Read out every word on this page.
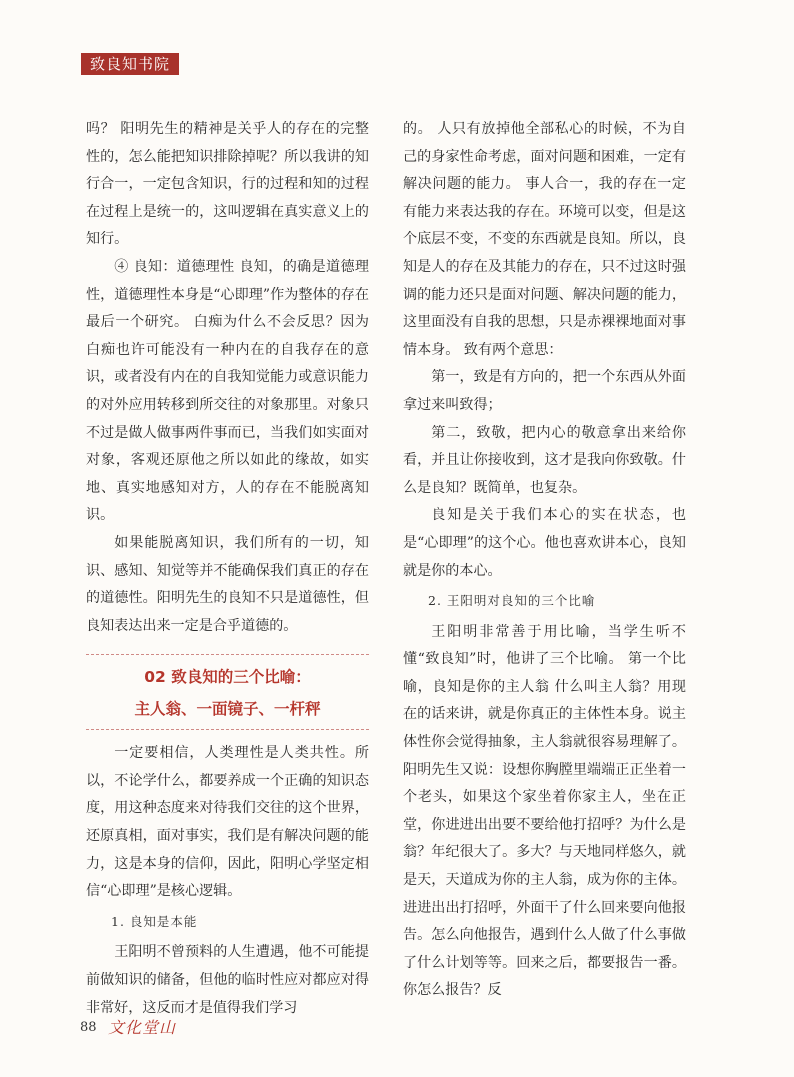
致良知书院

吗？ 阳明先生的精神是关乎人的存在的完整性的，怎么能把知识排除掉呢？所以我讲的知行合一，一定包含知识，行的过程和知的过程在过程上是统一的，这叫逻辑在真实意义上的知行。

④ 良知：道德理性 良知，的确是道德理性，道德理性本身是“心即理”作为整体的存在最后一个研究。 白痴为什么不会反思？因为白痴也许可能没有一种内在的自我存在的意识，或者没有内在的自我知觉能力或意识能力的对外应用转移到所交往的对象那里。对象只不过是做人做事两件事而已，当我们如实面对对象，客观还原他之所以如此的缘故，如实地、真实地感知对方，人的存在不能脱离知识。

如果能脱离知识，我们所有的一切，知识、感知、知觉等并不能确保我们真正的存在的道德性。阳明先生的良知不只是道德性，但良知表达出来一定是合乎道德的。

02 致良知的三个比喻：
主人翁、一面镜子、一杆秤

一定要相信，人类理性是人类共性。所以，不论学什么，都要养成一个正确的知识态度，用这种态度来对待我们交往的这个世界，还原真相，面对事实，我们是有解决问题的能力，这是本身的信仰，因此，阳明心学坚定相信“心即理”是核心逻辑。

1. 良知是本能

王阳明不曾预料的人生遭遇，他不可能提前做知识的储备，但他的临时性应对都应对得非常好，这反而才是值得我们学习

的。 人只有放掉他全部私心的时候，不为自己的身家性命考虑，面对问题和困难，一定有解决问题的能力。 事人合一，我的存在一定有能力来表达我的存在。环境可以变，但是这个底层不变，不变的东西就是良知。所以，良知是人的存在及其能力的存在，只不过这时强调的能力还只是面对问题、解决问题的能力，这里面没有自我的思想，只是赤裸裸地面对事情本身。 致有两个意思：

第一，致是有方向的，把一个东西从外面拿过来叫致得；

第二，致敬，把内心的敬意拿出来给你看，并且让你接收到，这才是我向你致敬。什么是良知？既简单，也复杂。

良知是关于我们本心的实在状态，也是“心即理”的这个心。他也喜欢讲本心，良知就是你的本心。

2. 王阳明对良知的三个比喻

王阳明非常善于用比喻，当学生听不懂“致良知”时，他讲了三个比喻。 第一个比喻，良知是你的主人翁 什么叫主人翁？用现在的话来讲，就是你真正的主体性本身。说主体性你会觉得抽象，主人翁就很容易理解了。 阳明先生又说：设想你胸膛里端端正正坐着一个老头，如果这个家坐着你家主人，坐在正堂，你进进出出要不要给他打招呼？为什么是翁？年纪很大了。多大？与天地同样悠久，就是天，天道成为你的主人翁，成为你的主体。 进进出出打招呼，外面干了什么回来要向他报告。怎么向他报告，遇到什么人做了什么事做了什么计划等等。回来之后，都要报告一番。你怎么报告？反

88 文化堂山
